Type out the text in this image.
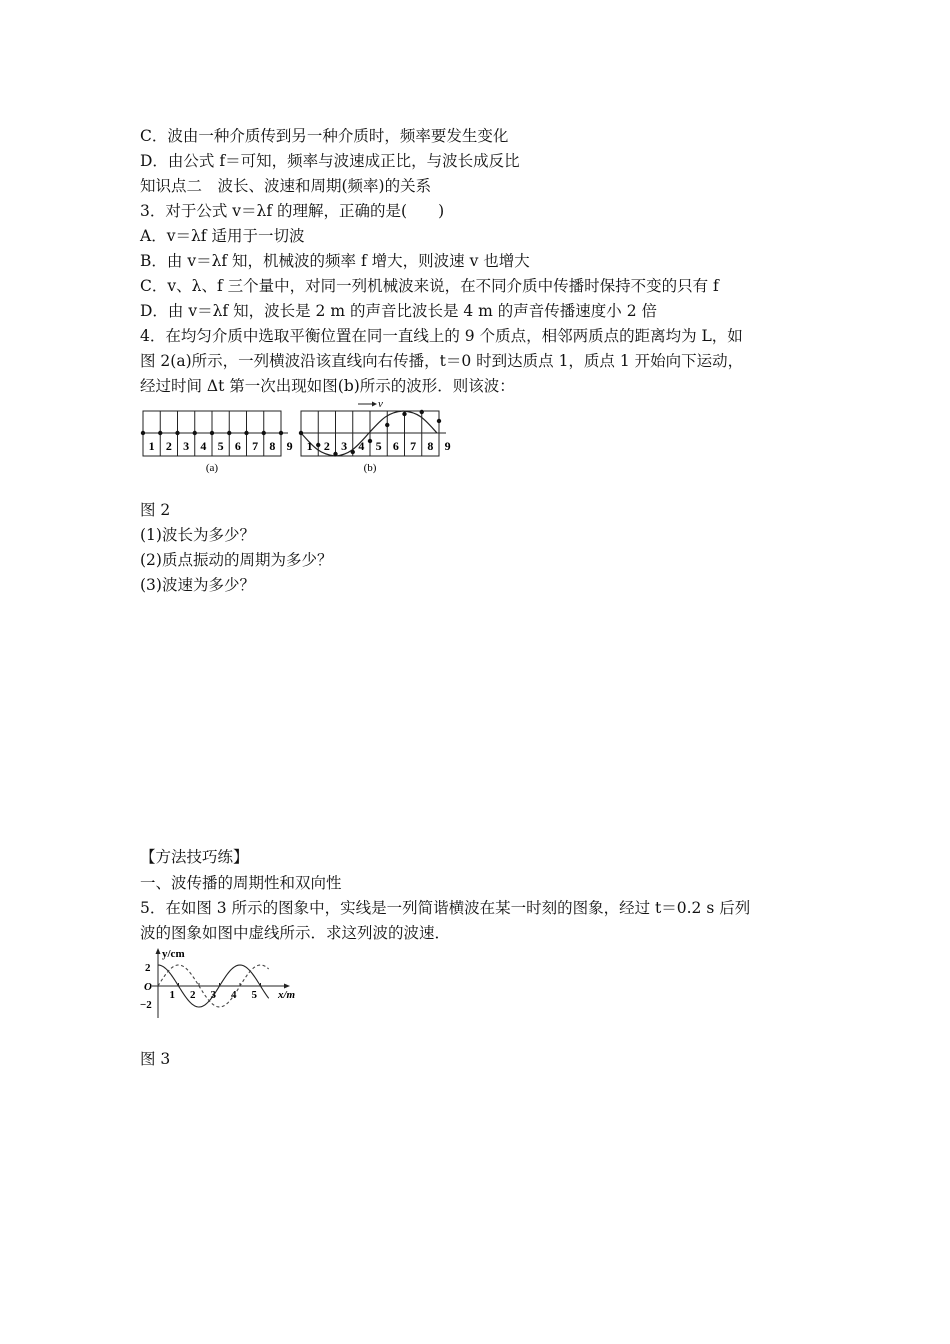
C．波由一种介质传到另一种介质时，频率要发生变化
D．由公式 f＝可知，频率与波速成正比，与波长成反比
知识点二　波长、波速和周期(频率)的关系
3．对于公式 v＝λf 的理解，正确的是(　　)
A．v＝λf 适用于一切波
B．由 v＝λf 知，机械波的频率 f 增大，则波速 v 也增大
C．v、λ、f 三个量中，对同一列机械波来说，在不同介质中传播时保持不变的只有 f
D．由 v＝λf 知，波长是 2 m 的声音比波长是 4 m 的声音传播速度小 2 倍
4．在均匀介质中选取平衡位置在同一直线上的 9 个质点，相邻两质点的距离均为 L，如
图 2(a)所示，一列横波沿该直线向右传播，t＝0 时到达质点 1，质点 1 开始向下运动，
经过时间 Δt 第一次出现如图(b)所示的波形．则该波：
1 2 3 4 5 6 7 8 9
(a)
1 2 3 4 5 6 7 8 9
v
(b)
图 2
(1)波长为多少？
(2)质点振动的周期为多少？
(3)波速为多少？
【方法技巧练】
一、波传播的周期性和双向性
5．在如图 3 所示的图象中，实线是一列简谐横波在某一时刻的图象，经过 t＝0.2 s 后列
波的图象如图中虚线所示．求这列波的波速．
y/cm
x/m
O
2
−2
1 2 3 4 5
图 3
